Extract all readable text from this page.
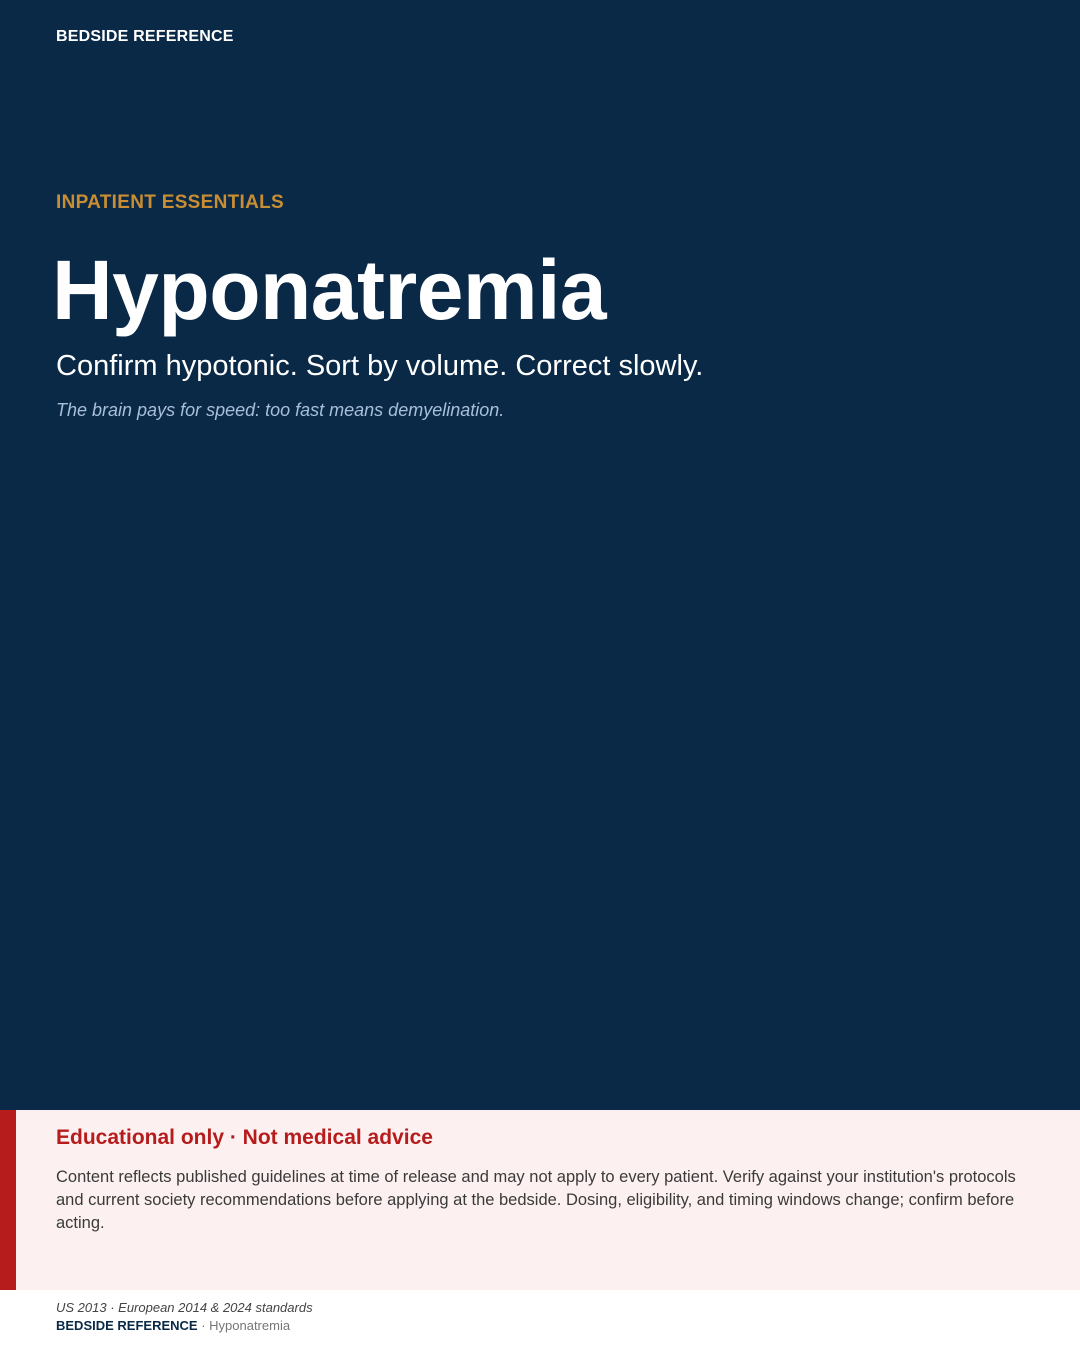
BEDSIDE REFERENCE
INPATIENT ESSENTIALS
Hyponatremia
Confirm hypotonic. Sort by volume. Correct slowly.
The brain pays for speed: too fast means demyelination.
Educational only · Not medical advice
Content reflects published guidelines at time of release and may not apply to every patient. Verify against your institution's protocols and current society recommendations before applying at the bedside. Dosing, eligibility, and timing windows change; confirm before acting.
US 2013 · European 2014 & 2024 standards
BEDSIDE REFERENCE · Hyponatremia
